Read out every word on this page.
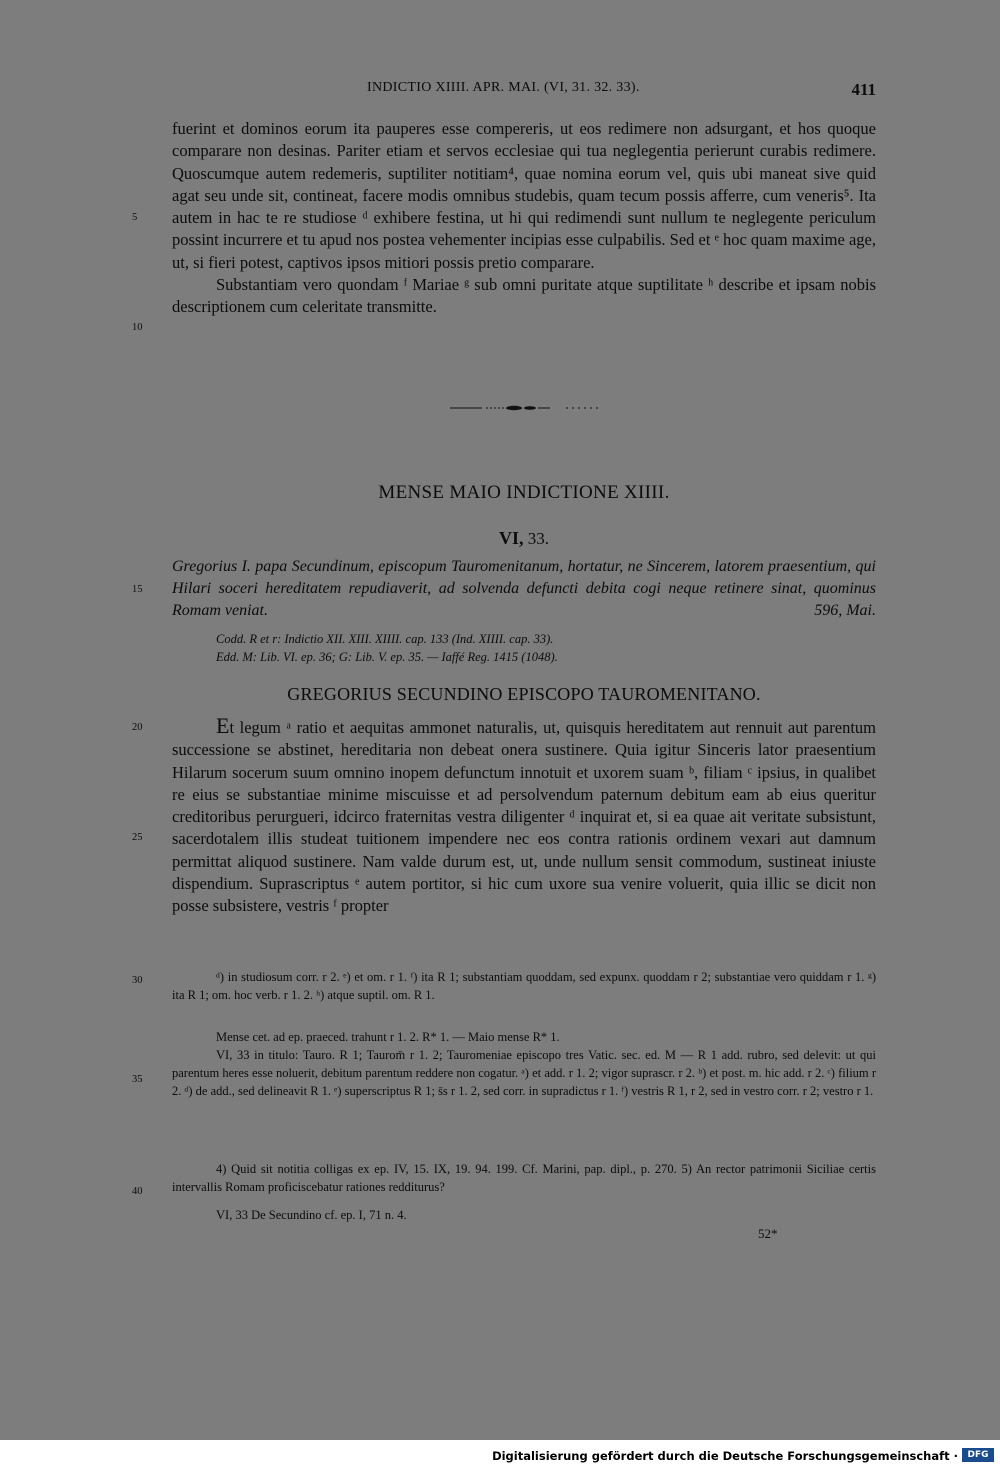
INDICTIO XIIII. APR. MAI. (VI, 31. 32. 33).	411

fuerint et dominos eorum ita pauperes esse compereris, ut eos redimere non adsurgant, et hos quoque comparare non desinas. Pariter etiam et servos ecclesiae qui tua neglegentia perierunt curabis redimere. Quoscumque autem redemeris, suptiliter notitiam⁴, quae nomina eorum vel, quis ubi maneat sive quid agat seu unde sit, contineat, facere modis omnibus studebis, quam tecum possis afferre, cum veneris⁵. Ita autem in hac te re studiose ᵈ exhibere festina, ut hi qui redimendi sunt nullum te neglegente periculum possint incurrere et tu apud nos postea vehementer incipias esse culpabilis. Sed et ᵉ hoc quam maxime age, ut, si fieri potest, captivos ipsos mitiori possis pretio comparare.

Substantiam vero quondam ᶠ Mariae ᵍ sub omni puritate atque suptilitate ʰ describe et ipsam nobis descriptionem cum celeritate transmitte.

5
10
MENSE MAIO INDICTIONE XIIII.
VI, 33.
Gregorius I. papa Secundinum, episcopum Tauromenitanum, hortatur, ne Sincerem, latorem praesentium, qui Hilari soceri hereditatem repudiaverit, ad solvenda defuncti debita cogi neque retinere sinat, quominus Romam veniat.	596, Mai.
15
Codd. R et r: Indictio XII. XIII. XIIII. cap. 133 (Ind. XIIII. cap. 33).
Edd. M: Lib. VI. ep. 36; G: Lib. V. ep. 35. — Iaffé Reg. 1415 (1048).
GREGORIUS SECUNDINO EPISCOPO TAUROMENITANO.
Et legum ᵃ ratio et aequitas ammonet naturalis, ut, quisquis hereditatem aut rennuit aut parentum successione se abstinet, hereditaria non debeat onera sustinere. Quia igitur Sinceris lator praesentium Hilarum socerum suum omnino inopem defunctum innotuit et uxorem suam ᵇ, filiam ᶜ ipsius, in qualibet re eius se substantiae minime miscuisse et ad persolvendum paternum debitum eam ab eius queritur creditoribus perurgueri, idcirco fraternitas vestra diligenter ᵈ inquirat et, si ea quae ait veritate subsistunt, sacerdotalem illis studeat tuitionem impendere nec eos contra rationis ordinem vexari aut damnum permittat aliquod sustinere. Nam valde durum est, ut, unde nullum sensit commodum, sustineat iniuste dispendium. Suprascriptus ᵉ autem portitor, si hic cum uxore sua venire voluerit, quia illic se dicit non posse subsistere, vestris ᶠ propter
20
25

ᵈ) in studiosum corr. r 2. ᵉ) et om. r 1. ᶠ) ita R 1; substantiam quoddam, sed expunx. quoddam r 2; substantiae vero quiddam r 1. ᵍ) ita R 1; om. hoc verb. r 1. 2. ʰ) atque suptil. om. R 1.

30

Mense cet. ad ep. praeced. trahunt r 1. 2. R* 1. — Maio mense R* 1.

VI, 33 in titulo: Tauro. R 1; Taurom̄ r 1. 2; Tauromeniae episcopo tres Vatic. sec. ed. M — R 1 add. rubro, sed delevit: ut qui parentum heres esse noluerit, debitum parentum reddere non cogatur. ᵃ) et add. r 1. 2; vigor suprascr. r 2. ᵇ) et post. m. hic add. r 2. ᶜ) filium r 2. ᵈ) de add., sed delineavit R 1. ᵉ) superscriptus R 1; s̄s r 1. 2, sed corr. in supradictus r 1. ᶠ) vestris R 1, r 2, sed in vestro corr. r 2; vestro r 1.

35

4) Quid sit notitia colligas ex ep. IV, 15. IX, 19. 94. 199. Cf. Marini, pap. dipl., p. 270. 5) An rector patrimonii Siciliae certis intervallis Romam proficiscebatur rationes redditurus?

VI, 33 De Secundino cf. ep. I, 71 n. 4.

40
52*
Digitalisierung gefördert durch die Deutsche Forschungsgemeinschaft ·	DFG
